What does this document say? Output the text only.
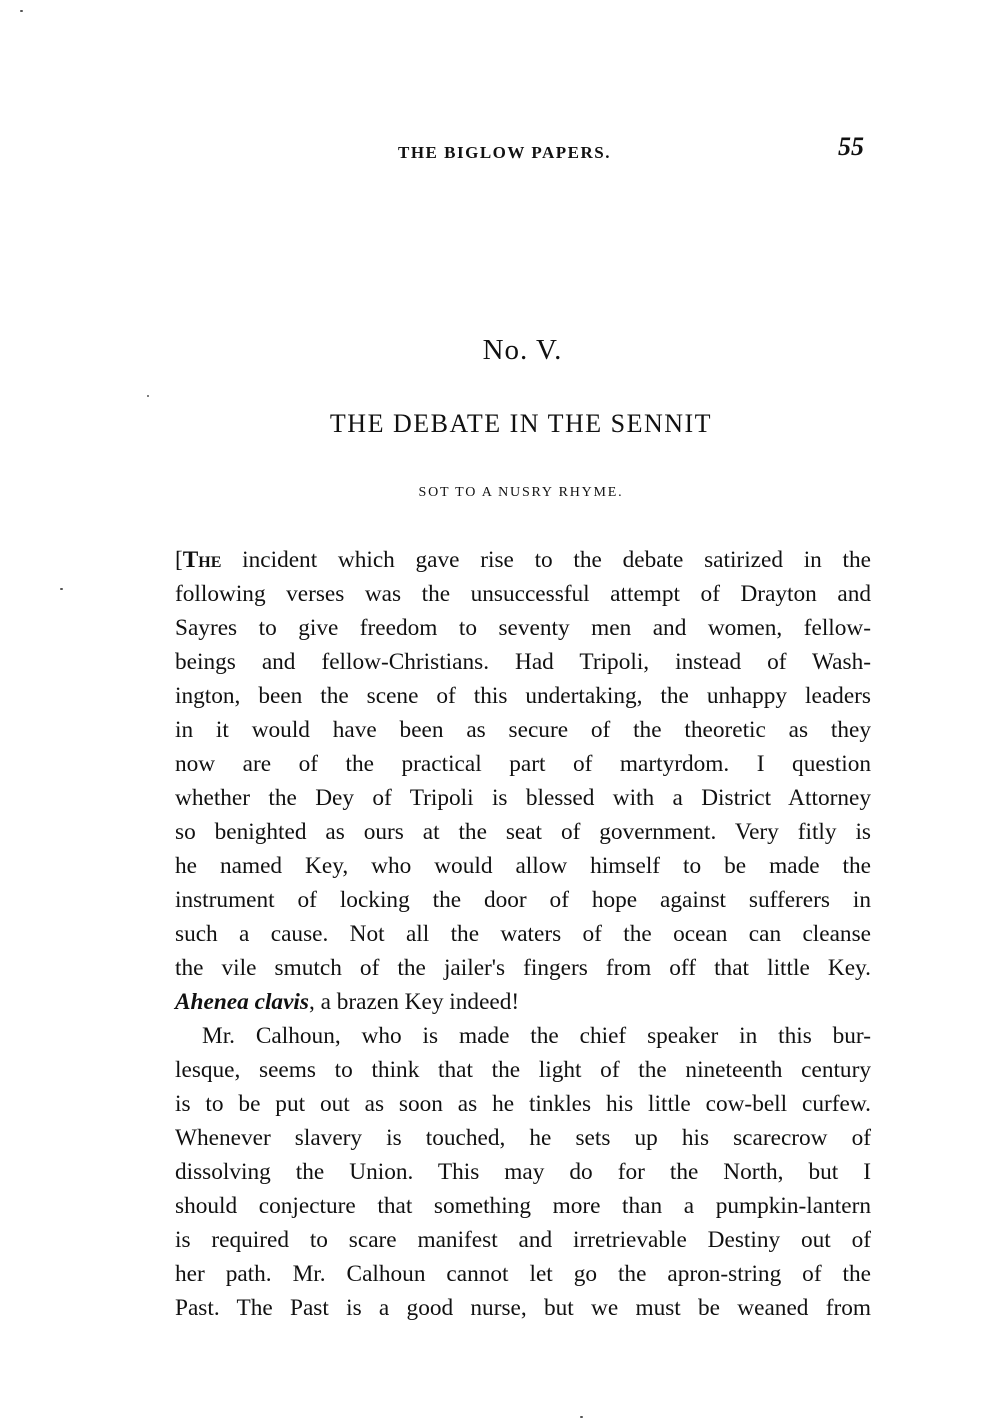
THE BIGLOW PAPERS.	55
No. V.
THE DEBATE IN THE SENNIT
SOT TO A NUSRY RHYME.
[The incident which gave rise to the debate satirized in the
following verses was the unsuccessful attempt of Drayton and
Sayres to give freedom to seventy men and women, fellow-
beings and fellow-Christians. Had Tripoli, instead of Wash-
ington, been the scene of this undertaking, the unhappy leaders
in it would have been as secure of the theoretic as they
now are of the practical part of martyrdom. I question
whether the Dey of Tripoli is blessed with a District Attorney
so benighted as ours at the seat of government. Very fitly is
he named Key, who would allow himself to be made the
instrument of locking the door of hope against sufferers in
such a cause. Not all the waters of the ocean can cleanse
the vile smutch of the jailer's fingers from off that little Key.
Ahenea clavis, a brazen Key indeed!
Mr. Calhoun, who is made the chief speaker in this bur-
lesque, seems to think that the light of the nineteenth century
is to be put out as soon as he tinkles his little cow-bell curfew.
Whenever slavery is touched, he sets up his scarecrow of
dissolving the Union. This may do for the North, but I
should conjecture that something more than a pumpkin-lantern
is required to scare manifest and irretrievable Destiny out of
her path. Mr. Calhoun cannot let go the apron-string of the
Past. The Past is a good nurse, but we must be weaned from
